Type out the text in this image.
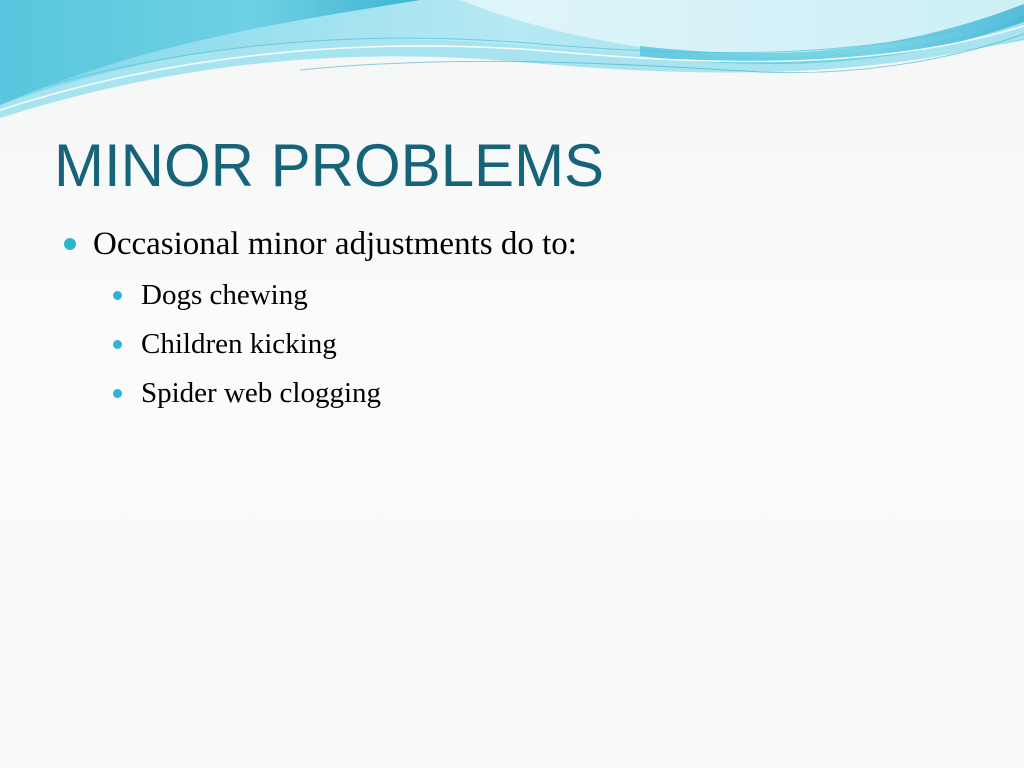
MINOR PROBLEMS
Occasional minor adjustments do to:
Dogs chewing
Children kicking
Spider web clogging
